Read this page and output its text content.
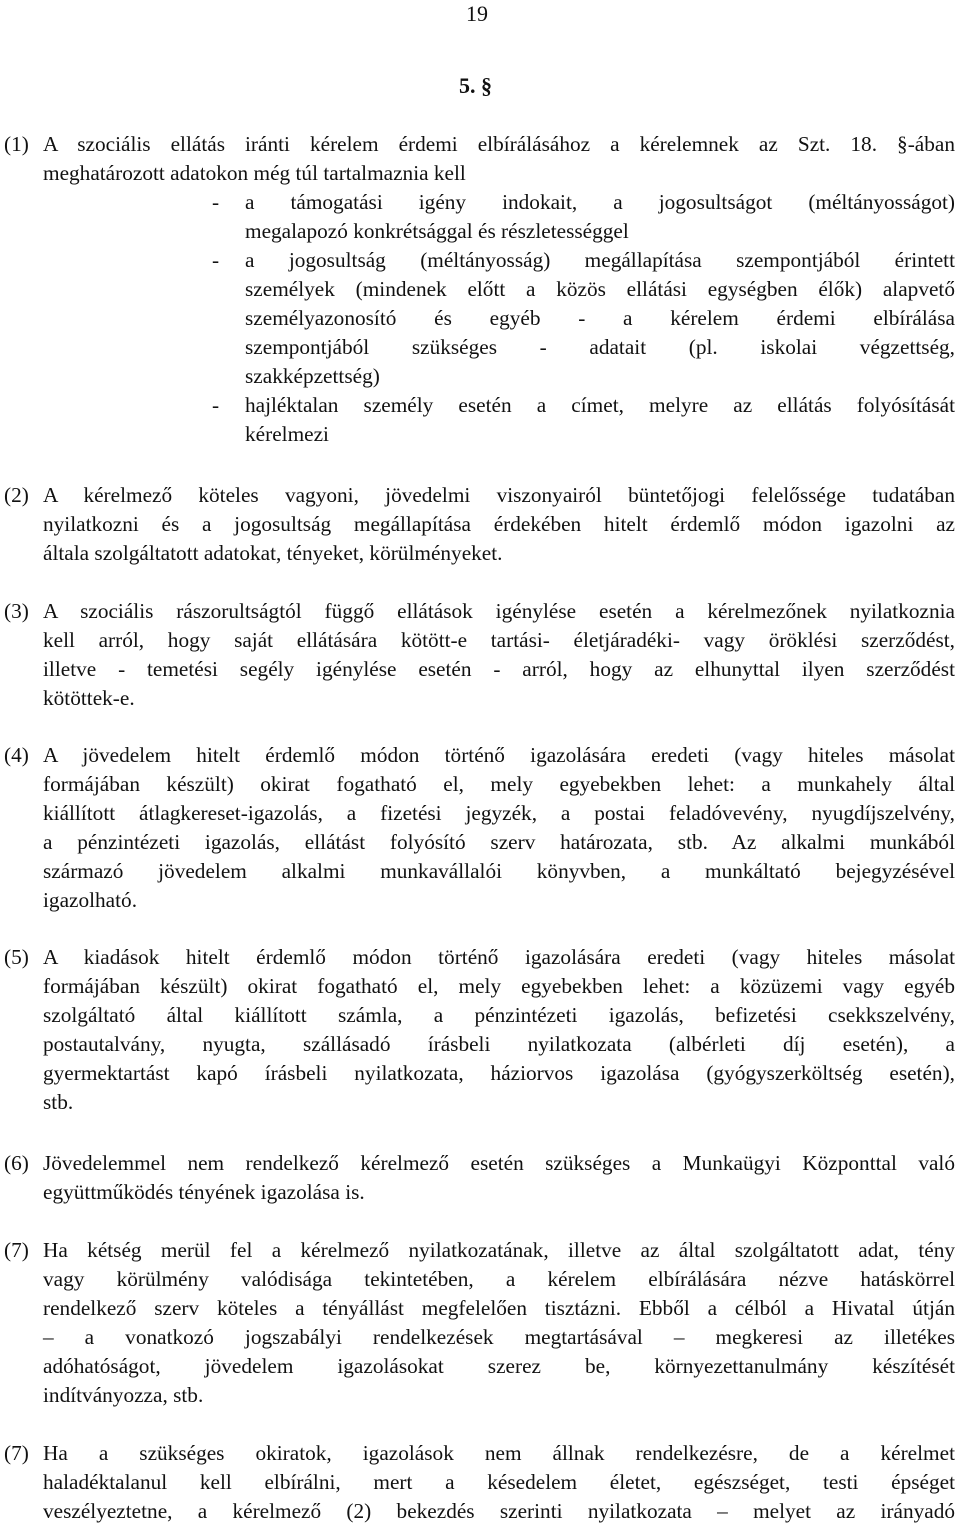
19
5. §
(1) A szociális ellátás iránti kérelem érdemi elbírálásához a kérelemnek az Szt. 18. §-ában
meghatározott adatokon még túl tartalmaznia kell
- a támogatási igény indokait, a jogosultságot (méltányosságot)
megalapozó konkrétsággal és részletességgel
- a jogosultság (méltányosság) megállapítása szempontjából érintett
személyek (mindenek előtt a közös ellátási egységben élők) alapvető
személyazonosító és egyéb - a kérelem érdemi elbírálása
szempontjából szükséges - adatait (pl. iskolai végzettség,
szakképzettség)
- hajléktalan személy esetén a címet, melyre az ellátás folyósítását
kérelmezi
(2) A kérelmező köteles vagyoni, jövedelmi viszonyairól büntetőjogi felelőssége tudatában
nyilatkozni és a jogosultság megállapítása érdekében hitelt érdemlő módon igazolni az
általa szolgáltatott adatokat, tényeket, körülményeket.
(3) A szociális rászorultságtól függő ellátások igénylése esetén a kérelmezőnek nyilatkoznia
kell arról, hogy saját ellátására kötött-e tartási- életjáradéki- vagy öröklési szerződést,
illetve - temetési segély igénylése esetén - arról, hogy az elhunyttal ilyen szerződést
kötöttek-e.
(4) A jövedelem hitelt érdemlő módon történő igazolására eredeti (vagy hiteles másolat
formájában készült) okirat fogatható el, mely egyebekben lehet: a munkahely által
kiállított átlagkereset-igazolás, a fizetési jegyzék, a postai feladóvevény, nyugdíjszelvény,
a pénzintézeti igazolás, ellátást folyósító szerv határozata, stb. Az alkalmi munkából
származó jövedelem alkalmi munkavállalói könyvben, a munkáltató bejegyzésével
igazolható.
(5) A kiadások hitelt érdemlő módon történő igazolására eredeti (vagy hiteles másolat
formájában készült) okirat fogatható el, mely egyebekben lehet: a közüzemi vagy egyéb
szolgáltató által kiállított számla, a pénzintézeti igazolás, befizetési csekkszelvény,
postautalvány, nyugta, szállásadó írásbeli nyilatkozata (albérleti díj esetén), a
gyermektartást kapó írásbeli nyilatkozata, háziorvos igazolása (gyógyszerköltség esetén),
stb.
(6) Jövedelemmel nem rendelkező kérelmező esetén szükséges a Munkaügyi Központtal való
együttműködés tényének igazolása is.
(7) Ha kétség merül fel a kérelmező nyilatkozatának, illetve az által szolgáltatott adat, tény
vagy körülmény valódisága tekintetében, a kérelem elbírálására nézve hatáskörrel
rendelkező szerv köteles a tényállást megfelelően tisztázni. Ebből a célból a Hivatal útján
– a vonatkozó jogszabályi rendelkezések megtartásával – megkeresi az illetékes
adóhatóságot, jövedelem igazolásokat szerez be, környezettanulmány készítését
indítványozza, stb.
(7) Ha a szükséges okiratok, igazolások nem állnak rendelkezésre, de a kérelmet
haladéktalanul kell elbírálni, mert a késedelem életet, egészséget, testi épséget
veszélyeztetne, a kérelmező (2) bekezdés szerinti nyilatkozata – melyet az irányadó
